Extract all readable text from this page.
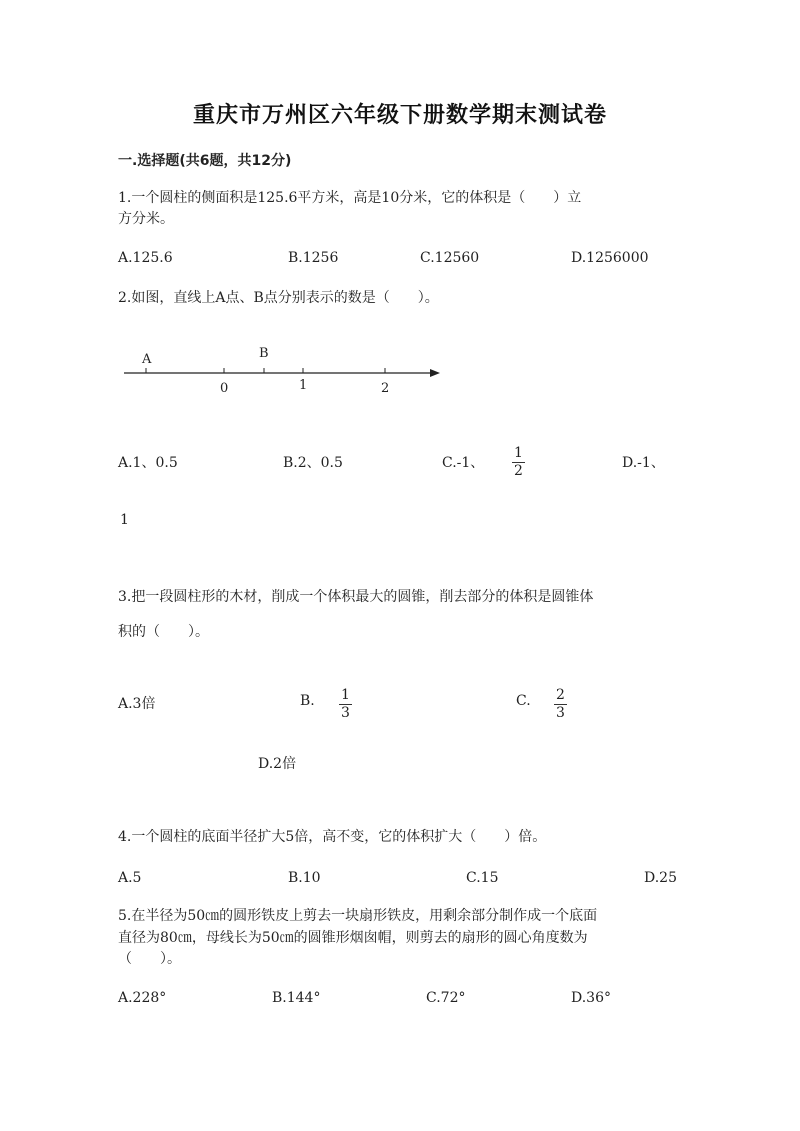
重庆市万州区六年级下册数学期末测试卷
一.选择题(共6题，共12分)
1.一个圆柱的侧面积是125.6平方米，高是10分米，它的体积是（　　）立
方分米。
A.125.6	B.1256	C.12560	D.1256000
2.如图，直线上A点、B点分别表示的数是（　　）。
A	B
0	1	2
A.1、0.5	B.2、0.5	C.-1、
1
2	D.-1、
1
3.把一段圆柱形的木材，削成一个体积最大的圆锥，削去部分的体积是圆锥体
积的（　　）。
A.3倍	B. 1
3
C. 2
3
D.2倍
4.一个圆柱的底面半径扩大5倍，高不变，它的体积扩大（　　）倍。
A.5	B.10	C.15	D.25
5.在半径为50㎝的圆形铁皮上剪去一块扇形铁皮，用剩余部分制作成一个底面
直径为80㎝，母线长为50㎝的圆锥形烟囱帽，则剪去的扇形的圆心角度数为
（　　）。
A.228°	B.144°	C.72°	D.36°
